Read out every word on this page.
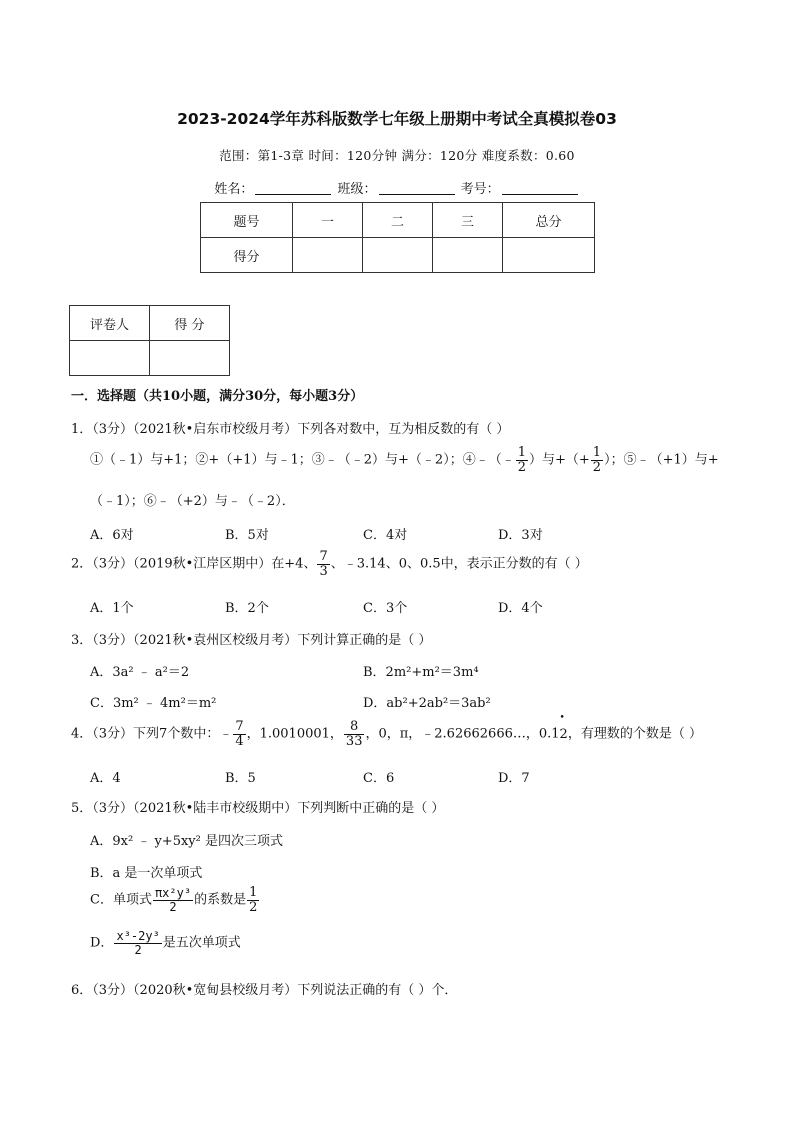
2023-2024学年苏科版数学七年级上册期中考试全真模拟卷03
范围：第1-3章 时间：120分钟 满分：120分 难度系数：0.60
姓名：	班级：	考号：
题号	一	二	三	总分
得分				
评卷人	得 分

一．选择题（共10小题，满分30分，每小题3分）
1．（3分）（2021秋•启东市校级月考）下列各对数中，互为相反数的有（ ）
①（﹣1）与+1；②+（+1）与﹣1；③﹣（﹣2）与+（﹣2）；④﹣（﹣ $\frac{1}{2}$ ）与+（+ $\frac{1}{2}$ ）；⑤﹣（+1）与+
（﹣1）；⑥﹣（+2）与﹣（﹣2）．
A．6对	B．5对	C．4对	D．3对
2．（3分）（2019秋•江岸区期中）在+4、 $\frac{7}{3}$ 、﹣3.14、0、0.5中，表示正分数的有（ ）
A．1个	B．2个	C．3个	D．4个
3．（3分）（2021秋•袁州区校级月考）下列计算正确的是（ ）
A．3a² ﹣ a²＝2	B．2m²+m²＝3m⁴
C．3m² ﹣ 4m²＝m²	D．ab²+2ab²＝3ab²
4．（3分）下列7个数中：﹣ $\frac{7}{4}$ ，1.0010001， $\frac{8}{33}$ ，0，π，﹣2.62662666…，0.1• 2，有理数的个数是（ ）
A．4	B．5	C．6	D．7
5．（3分）（2021秋•陆丰市校级期中）下列判断中正确的是（ ）
A．9x² ﹣ y+5xy² 是四次三项式
B．a 是一次单项式
C．单项式 $\frac{\text{πx²y³}}{2}$ 的系数是 $\frac{1}{2}$
D． $\frac{\text{x³-2y³}}{2}$ 是五次单项式
6．（3分）（2020秋•宽甸县校级月考）下列说法正确的有（ ）个．
